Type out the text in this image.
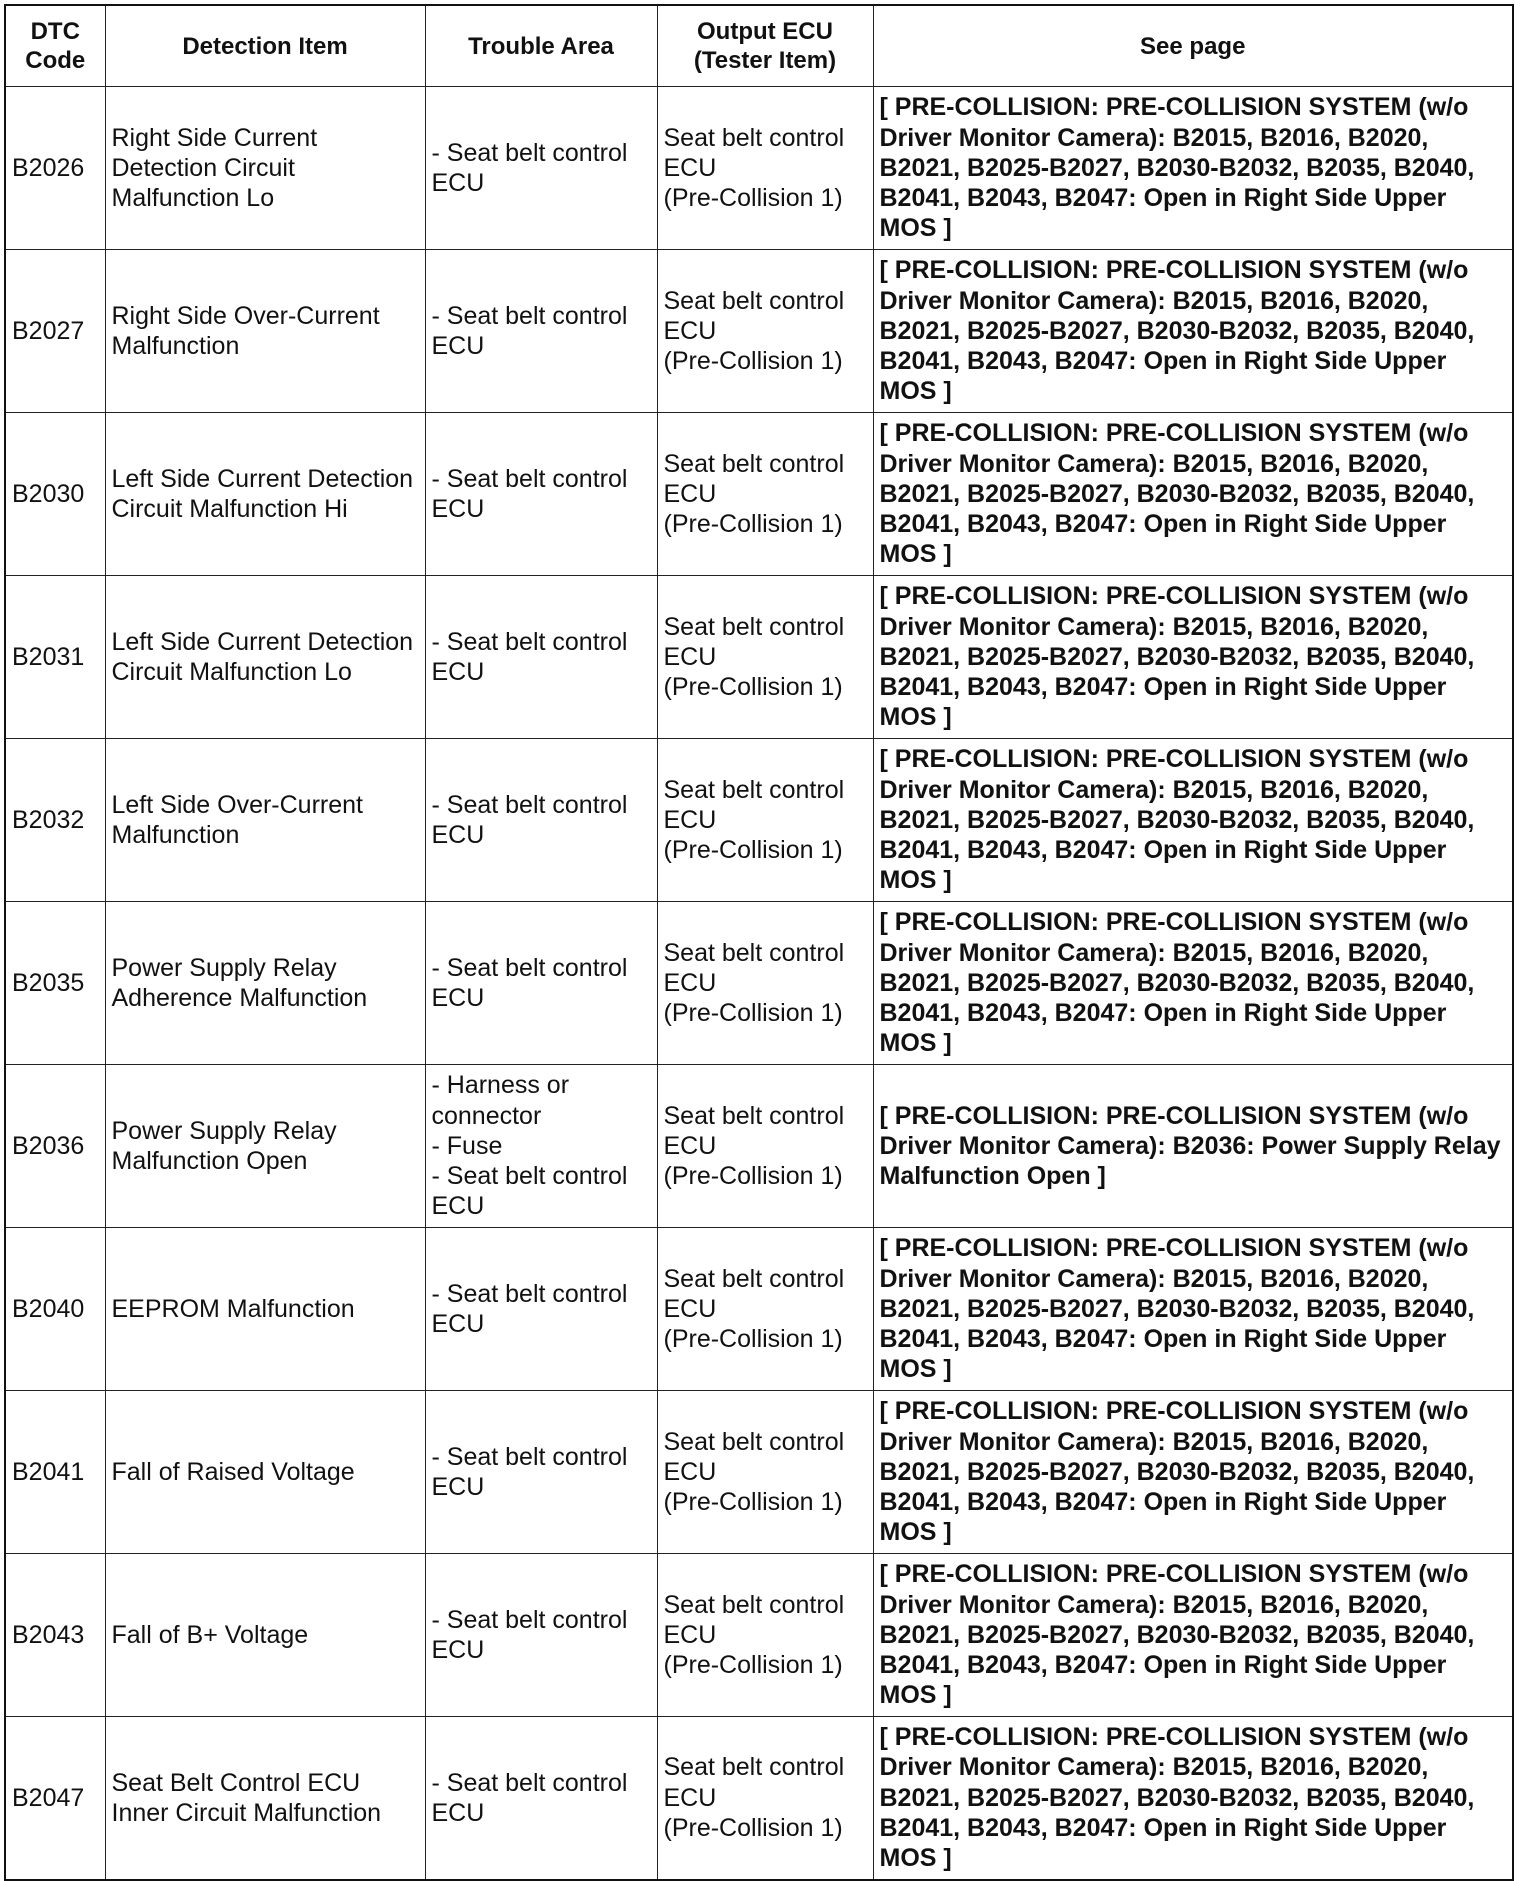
DTC
Code	Detection Item	Trouble Area	Output ECU
(Tester Item)	See page

B2026	Right Side Current
Detection Circuit
Malfunction Lo	- Seat belt control
ECU	Seat belt control
ECU
(Pre-Collision 1)	[ PRE-COLLISION: PRE-COLLISION SYSTEM (w/o
Driver Monitor Camera): B2015, B2016, B2020,
B2021, B2025-B2027, B2030-B2032, B2035, B2040,
B2041, B2043, B2047: Open in Right Side Upper
MOS ]

B2027	Right Side Over-Current
Malfunction	- Seat belt control
ECU	Seat belt control
ECU
(Pre-Collision 1)	[ PRE-COLLISION: PRE-COLLISION SYSTEM (w/o
Driver Monitor Camera): B2015, B2016, B2020,
B2021, B2025-B2027, B2030-B2032, B2035, B2040,
B2041, B2043, B2047: Open in Right Side Upper
MOS ]

B2030	Left Side Current Detection
Circuit Malfunction Hi	- Seat belt control
ECU	Seat belt control
ECU
(Pre-Collision 1)	[ PRE-COLLISION: PRE-COLLISION SYSTEM (w/o
Driver Monitor Camera): B2015, B2016, B2020,
B2021, B2025-B2027, B2030-B2032, B2035, B2040,
B2041, B2043, B2047: Open in Right Side Upper
MOS ]

B2031	Left Side Current Detection
Circuit Malfunction Lo	- Seat belt control
ECU	Seat belt control
ECU
(Pre-Collision 1)	[ PRE-COLLISION: PRE-COLLISION SYSTEM (w/o
Driver Monitor Camera): B2015, B2016, B2020,
B2021, B2025-B2027, B2030-B2032, B2035, B2040,
B2041, B2043, B2047: Open in Right Side Upper
MOS ]

B2032	Left Side Over-Current
Malfunction	- Seat belt control
ECU	Seat belt control
ECU
(Pre-Collision 1)	[ PRE-COLLISION: PRE-COLLISION SYSTEM (w/o
Driver Monitor Camera): B2015, B2016, B2020,
B2021, B2025-B2027, B2030-B2032, B2035, B2040,
B2041, B2043, B2047: Open in Right Side Upper
MOS ]

B2035	Power Supply Relay
Adherence Malfunction	- Seat belt control
ECU	Seat belt control
ECU
(Pre-Collision 1)	[ PRE-COLLISION: PRE-COLLISION SYSTEM (w/o
Driver Monitor Camera): B2015, B2016, B2020,
B2021, B2025-B2027, B2030-B2032, B2035, B2040,
B2041, B2043, B2047: Open in Right Side Upper
MOS ]

B2036	Power Supply Relay
Malfunction Open	- Harness or
connector
- Fuse
- Seat belt control
ECU	Seat belt control
ECU
(Pre-Collision 1)	[ PRE-COLLISION: PRE-COLLISION SYSTEM (w/o
Driver Monitor Camera): B2036: Power Supply Relay
Malfunction Open ]

B2040	EEPROM Malfunction	- Seat belt control
ECU	Seat belt control
ECU
(Pre-Collision 1)	[ PRE-COLLISION: PRE-COLLISION SYSTEM (w/o
Driver Monitor Camera): B2015, B2016, B2020,
B2021, B2025-B2027, B2030-B2032, B2035, B2040,
B2041, B2043, B2047: Open in Right Side Upper
MOS ]

B2041	Fall of Raised Voltage	- Seat belt control
ECU	Seat belt control
ECU
(Pre-Collision 1)	[ PRE-COLLISION: PRE-COLLISION SYSTEM (w/o
Driver Monitor Camera): B2015, B2016, B2020,
B2021, B2025-B2027, B2030-B2032, B2035, B2040,
B2041, B2043, B2047: Open in Right Side Upper
MOS ]

B2043	Fall of B+ Voltage	- Seat belt control
ECU	Seat belt control
ECU
(Pre-Collision 1)	[ PRE-COLLISION: PRE-COLLISION SYSTEM (w/o
Driver Monitor Camera): B2015, B2016, B2020,
B2021, B2025-B2027, B2030-B2032, B2035, B2040,
B2041, B2043, B2047: Open in Right Side Upper
MOS ]

B2047	Seat Belt Control ECU
Inner Circuit Malfunction	- Seat belt control
ECU	Seat belt control
ECU
(Pre-Collision 1)	[ PRE-COLLISION: PRE-COLLISION SYSTEM (w/o
Driver Monitor Camera): B2015, B2016, B2020,
B2021, B2025-B2027, B2030-B2032, B2035, B2040,
B2041, B2043, B2047: Open in Right Side Upper
MOS ]
